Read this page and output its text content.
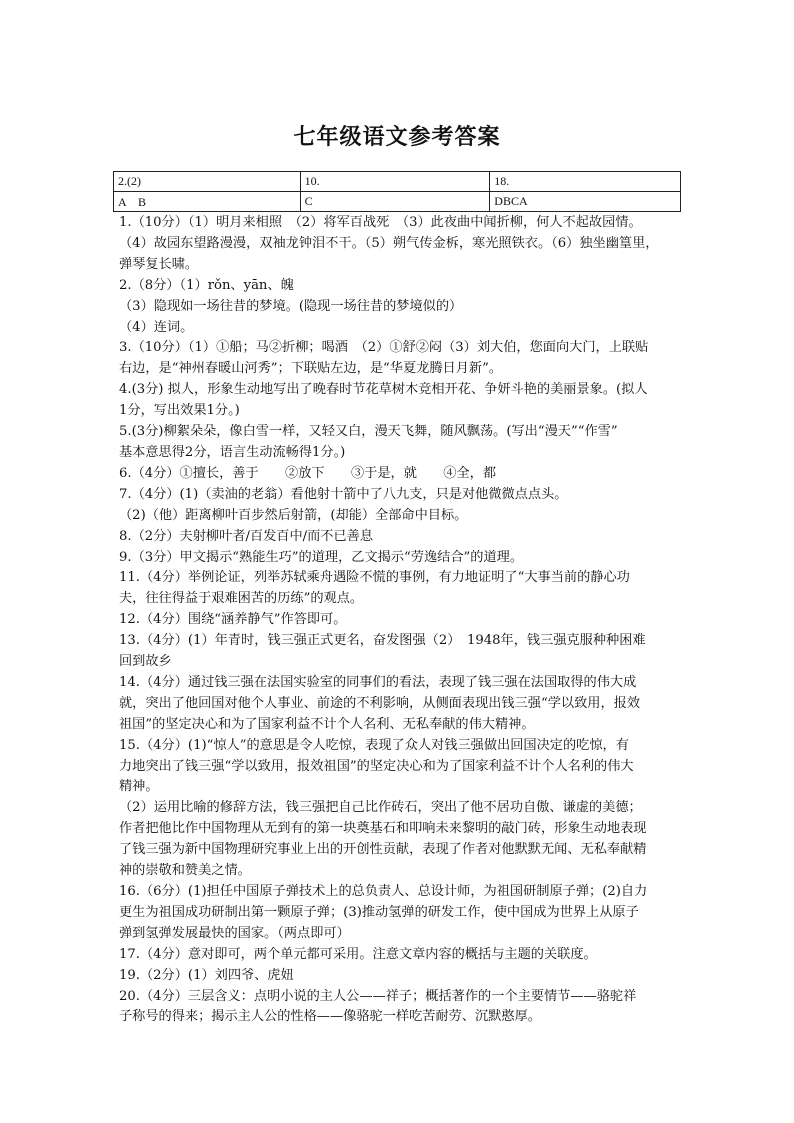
七年级语文参考答案
2.(2)	10.	18.
A　B	C	DBCA

1.（10分）（1）明月来相照　（2）将军百战死　（3）此夜曲中闻折柳，何人不起故园情。

（4）故园东望路漫漫，双袖龙钟泪不干。（5）朔气传金柝，寒光照铁衣。（6）独坐幽篁里，

弹琴复长啸。

2.（8分）（1）rǒn、yān、魄

（3）隐现如一场往昔的梦境。(隐现一场往昔的梦境似的）

（4）连词。

3.（10分）（1）①船；马②折柳；喝酒　（2）①舒②闷（3）刘大伯，您面向大门，上联贴

右边，是“神州春暖山河秀”；下联贴左边，是“华夏龙腾日月新”。

4.(3分) 拟人，形象生动地写出了晚春时节花草树木竞相开花、争妍斗艳的美丽景象。(拟人

1分，写出效果1分。)

5.(3分)柳絮朵朵，像白雪一样，又轻又白，漫天飞舞，随风飘荡。(写出“漫天”“作雪”

基本意思得2分，语言生动流畅得1分。)

6.（4分）①擅长，善于　　②放下　　③于是，就　　④全，都

7.（4分）(1)（卖油的老翁）看他射十箭中了八九支，只是对他微微点点头。

（2)（他）距离柳叶百步然后射箭，(却能）全部命中目标。

8.（2分）夫射柳叶者/百发百中/而不已善息

9.（3分）甲文揭示“熟能生巧”的道理，乙文揭示“劳逸结合”的道理。

11.（4分）举例论证，列举苏轼乘舟遇险不慌的事例，有力地证明了“大事当前的静心功

夫，往往得益于艰难困苦的历练”的观点。

12.（4分）围绕“涵养静气”作答即可。

13.（4分）(1）年青时，钱三强正式更名，奋发图强（2）　1948年，钱三强克服种种困难

回到故乡

14.（4分）通过钱三强在法国实验室的同事们的看法，表现了钱三强在法国取得的伟大成

就，突出了他回国对他个人事业、前途的不利影响，从侧面表现出钱三强“学以致用，报效

祖国”的坚定决心和为了国家利益不计个人名利、无私奉献的伟大精神。

15.（4分）(1)“惊人”的意思是令人吃惊，表现了众人对钱三强做出回国决定的吃惊，有

力地突出了钱三强“学以致用，报效祖国”的坚定决心和为了国家利益不计个人名利的伟大

精神。

（2）运用比喻的修辞方法，钱三强把自己比作砖石，突出了他不居功自傲、谦虚的美德；

作者把他比作中国物理从无到有的第一块奠基石和叩响未来黎明的敲门砖，形象生动地表现

了钱三强为新中国物理研究事业上出的开创性贡献，表现了作者对他默默无闻、无私奉献精

神的崇敬和赞美之情。

16.（6分）(1)担任中国原子弹技术上的总负责人、总设计师，为祖国研制原子弹；(2)自力

更生为祖国成功研制出第一颗原子弹；(3)推动氢弹的研发工作，使中国成为世界上从原子

弹到氢弹发展最快的国家。（两点即可）

17.（4分）意对即可，两个单元都可采用。注意文章内容的概括与主题的关联度。

19.（2分）(1）刘四爷、虎妞

20.（4分）三层含义：点明小说的主人公——祥子；概括著作的一个主要情节——骆驼祥

子称号的得来；揭示主人公的性格——像骆驼一样吃苦耐劳、沉默憨厚。
